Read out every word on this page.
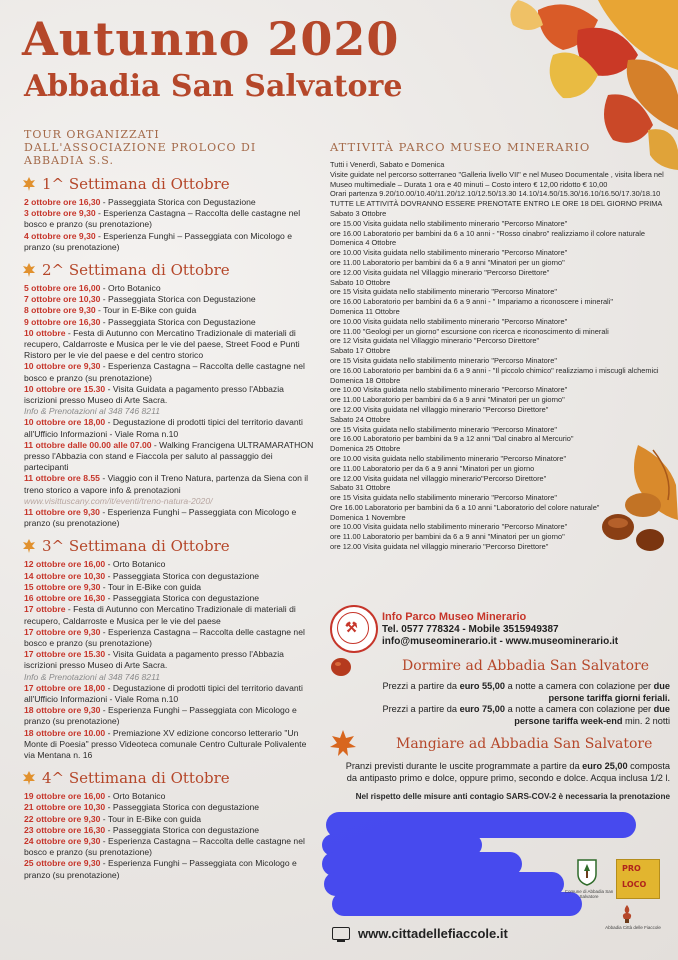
Autunno 2020
Abbadia San Salvatore
TOUR ORGANIZZATI
DALL'ASSOCIAZIONE PROLOCO DI ABBADIA S.S.
1^ Settimana di Ottobre
2 ottobre ore 16,30 - Passeggiata Storica con Degustazione
3 ottobre ore 9,30 - Esperienza Castagna – Raccolta delle castagne nel bosco e pranzo (su prenotazione)
4 ottobre ore 9,30 - Esperienza Funghi – Passeggiata con Micologo e pranzo (su prenotazione)
2^ Settimana di Ottobre
5 ottobre ore 16,00 - Orto Botanico
7 ottobre ore 10,30 - Passeggiata Storica con Degustazione
8 ottobre ore 9,30 - Tour in E-Bike con guida
9 ottobre ore 16,30 - Passeggiata Storica con Degustazione
10 ottobre - Festa di Autunno con Mercatino Tradizionale di materiali di recupero, Caldarroste e Musica per le vie del paese, Street Food e Punti Ristoro per le vie del paese e del centro storico
10 ottobre ore 9,30 - Esperienza Castagna – Raccolta delle castagne nel bosco e pranzo (su prenotazione)
10 ottobre ore 15.30 - Visita Guidata a pagamento presso l'Abbazia iscrizioni presso Museo di Arte Sacra.
Info & Prenotazioni al 348 746 8211
10 ottobre ore 18,00 - Degustazione di prodotti tipici del territorio davanti all'Ufficio Informazioni - Viale Roma n.10
11 ottobre dalle 00.00 alle 07.00 - Walking Francigena ULTRAMARATHON presso l'Abbazia con stand e Fiaccola per saluto al passaggio dei partecipanti
11 ottobre ore 8.55 - Viaggio con il Treno Natura, partenza da Siena con il treno storico a vapore info & prenotazioni
www.visittuscany.com/it/eventi/treno-natura-2020/
11 ottobre ore 9,30 - Esperienza Funghi – Passeggiata con Micologo e pranzo (su prenotazione)
3^ Settimana di Ottobre
12 ottobre ore 16,00 - Orto Botanico
14 ottobre ore 10,30 - Passeggiata Storica con degustazione
15 ottobre ore 9,30 - Tour in E-Bike con guida
16 ottobre ore 16,30 - Passeggiata Storica con degustazione
17 ottobre - Festa di Autunno con Mercatino Tradizionale di materiali di recupero, Caldarroste e Musica per le vie del paese
17 ottobre ore 9,30 - Esperienza Castagna – Raccolta delle castagne nel bosco e pranzo (su prenotazione)
17 ottobre ore 15.30 - Visita Guidata a pagamento presso l'Abbazia iscrizioni presso Museo di Arte Sacra.
Info & Prenotazioni al 348 746 8211
17 ottobre ore 18,00 - Degustazione di prodotti tipici del territorio davanti all'Ufficio Informazioni - Viale Roma n.10
18 ottobre ore 9,30 - Esperienza Funghi – Passeggiata con Micologo e pranzo (su prenotazione)
18 ottobre ore 10.00 - Premiazione XV edizione concorso letterario "Un Monte di Poesia" presso Videoteca comunale Centro Culturale Polivalente via Mentana n. 16
4^ Settimana di Ottobre
19 ottobre ore 16,00 - Orto Botanico
21 ottobre ore 10,30 - Passeggiata Storica con degustazione
22 ottobre ore 9,30 - Tour in E-Bike con guida
23 ottobre ore 16,30 - Passeggiata Storica con degustazione
24 ottobre ore 9,30 - Esperienza Castagna – Raccolta delle castagne nel bosco e pranzo (su prenotazione)
25 ottobre ore 9,30 - Esperienza Funghi – Passeggiata con Micologo e pranzo (su prenotazione)
ATTIVITÀ PARCO MUSEO MINERARIO
Tutti i Venerdì, Sabato e Domenica
Visite guidate nel percorso sotterraneo "Galleria livello VII" e nel Museo Documentale , visita libera nel Museo multimediale – Durata 1 ora e 40 minuti – Costo intero € 12,00 ridotto € 10,00
Orari partenza 9.20/10.00/10.40/11.20/12.10/12.50/13.30 14.10/14.50/15.30/16.10/16.50/17.30/18.10
TUTTE LE ATTIVITÀ DOVRANNO ESSERE PRENOTATE ENTRO LE ORE 18 DEL GIORNO PRIMA
Sabato 3 Ottobre
ore 15.00 Visita guidata nello stabilimento minerario "Percorso Minatore"
ore 16.00 Laboratorio per bambini da 6 a 10 anni - "Rosso cinabro" realizziamo il colore naturale
Domenica 4 Ottobre
ore 10.00 Visita guidata nello stabilimento minerario "Percorso Minatore"
ore 11.00 Laboratorio per bambini da 6 a 9 anni "Minatori per un giorno"
ore 12.00 Visita guidata nel Villaggio minerario "Percorso Direttore"
Sabato 10 Ottobre
ore 15 Visita guidata nello stabilimento minerario "Percorso Minatore"
ore 16.00 Laboratorio per bambini da 6 a 9 anni - " Impariamo a riconoscere i minerali"
Domenica 11 Ottobre
ore 10.00 Visita guidata nello stabilimento minerario "Percorso Minatore"
ore 11.00 "Geologi per un giorno" escursione con ricerca e riconoscimento di minerali
ore 12 Visita guidata nel Villaggio minerario "Percorso Direttore"
Sabato 17 Ottobre
ore 15 Visita guidata nello stabilimento minerario "Percorso Minatore"
ore 16.00 Laboratorio per bambini da 6 a 9 anni - "Il piccolo chimico" realizziamo i miscugli alchemici
Domenica 18 Ottobre
ore 10.00 Visita guidata nello stabilimento minerario "Percorso Minatore"
ore 11.00 Laboratorio per bambini da 6 a 9 anni "Minatori per un giorno"
ore 12.00 Visita guidata nel villaggio minerario "Percorso Direttore"
Sabato 24 Ottobre
ore 15 Visita guidata nello stabilimento minerario "Percorso Minatore"
ore 16.00 Laboratorio per bambini da 9 a 12 anni "Dal cinabro al Mercurio"
Domenica 25 Ottobre
ore 10.00 visita guidata nello stabilimento minerario "Percorso Minatore"
ore 11.00 Laboratorio per da 6 a 9 anni "Minatori per un giorno
ore 12.00 Visita guidata nel villaggio minerario"Percorso Direttore"
Sabato 31 Ottobre
ore 15 Visita guidata nello stabilimento minerario "Percorso Minatore"
Ore 16.00 Laboratorio per bambini da 6 a 10 anni "Laboratorio del colore naturale"
Domenica 1 Novembre
ore 10.00 Visita guidata nello stabilimento minerario "Percorso Minatore"
ore 11.00 Laboratorio per bambini da 6 a 9 anni "Minatori per un giorno"
ore 12.00 Visita guidata nel villaggio minerario "Percorso Direttore"
⚒
Info Parco Museo Minerario
Tel. 0577 778324 - Mobile 3515949387
info@museominerario.it - www.museominerario.it
Dormire ad Abbadia San Salvatore
Prezzi a partire da euro 55,00 a notte a camera con colazione per due
persone tariffa giorni feriali.
Prezzi a partire da euro 75,00 a notte a camera con colazione per due
persone tariffa week-end min. 2 notti
Mangiare ad Abbadia San Salvatore
Pranzi previsti durante le uscite programmate a partire da euro 25,00 composta
da antipasto primo e dolce, oppure primo, secondo e dolce. Acqua inclusa 1/2 l.
Nel rispetto delle misure anti contagio SARS-COV-2 è necessaria la prenotazione
Comune di Abbadia San Salvatore
PRO
LOCO
Abbadia Città delle Fiaccole
www.cittadellefiaccole.it
